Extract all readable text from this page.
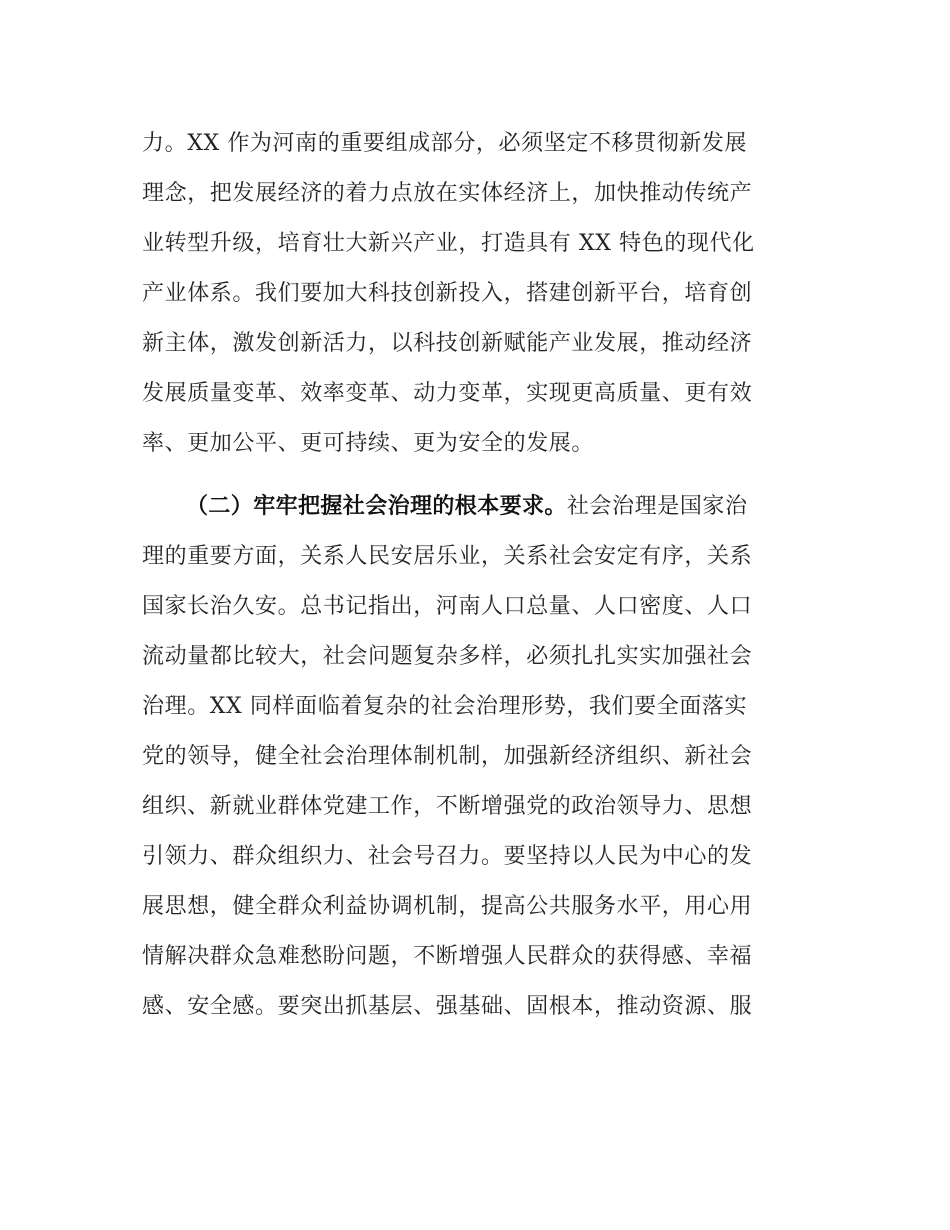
力。XX 作为河南的重要组成部分，必须坚定不移贯彻新发展
理念，把发展经济的着力点放在实体经济上，加快推动传统产
业转型升级，培育壮大新兴产业，打造具有 XX 特色的现代化
产业体系。我们要加大科技创新投入，搭建创新平台，培育创
新主体，激发创新活力，以科技创新赋能产业发展，推动经济
发展质量变革、效率变革、动力变革，实现更高质量、更有效
率、更加公平、更可持续、更为安全的发展。
（二）牢牢把握社会治理的根本要求。社会治理是国家治
理的重要方面，关系人民安居乐业，关系社会安定有序，关系
国家长治久安。总书记指出，河南人口总量、人口密度、人口
流动量都比较大，社会问题复杂多样，必须扎扎实实加强社会
治理。XX 同样面临着复杂的社会治理形势，我们要全面落实
党的领导，健全社会治理体制机制，加强新经济组织、新社会
组织、新就业群体党建工作，不断增强党的政治领导力、思想
引领力、群众组织力、社会号召力。要坚持以人民为中心的发
展思想，健全群众利益协调机制，提高公共服务水平，用心用
情解决群众急难愁盼问题，不断增强人民群众的获得感、幸福
感、安全感。要突出抓基层、强基础、固根本，推动资源、服
